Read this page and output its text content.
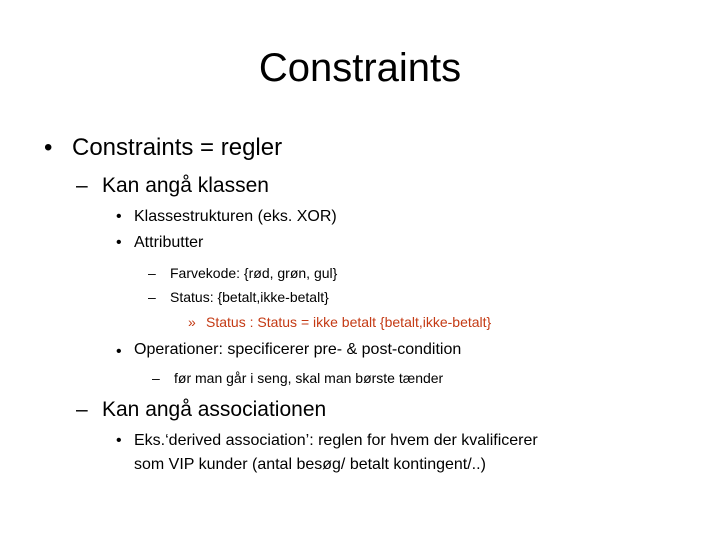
Constraints
• Constraints = regler
– Kan angå klassen
• Klassestrukturen (eks. XOR)
• Attributter
– Farvekode: {rød, grøn, gul}
– Status: {betalt,ikke-betalt}
» Status : Status = ikke betalt {betalt,ikke-betalt}
• Operationer: specificerer pre- & post-condition
– før man går i seng, skal man børste tænder
– Kan angå associationen
• Eks.‘derived association’: reglen for hvem der kvalificerer
som VIP kunder (antal besøg/ betalt kontingent/..)
